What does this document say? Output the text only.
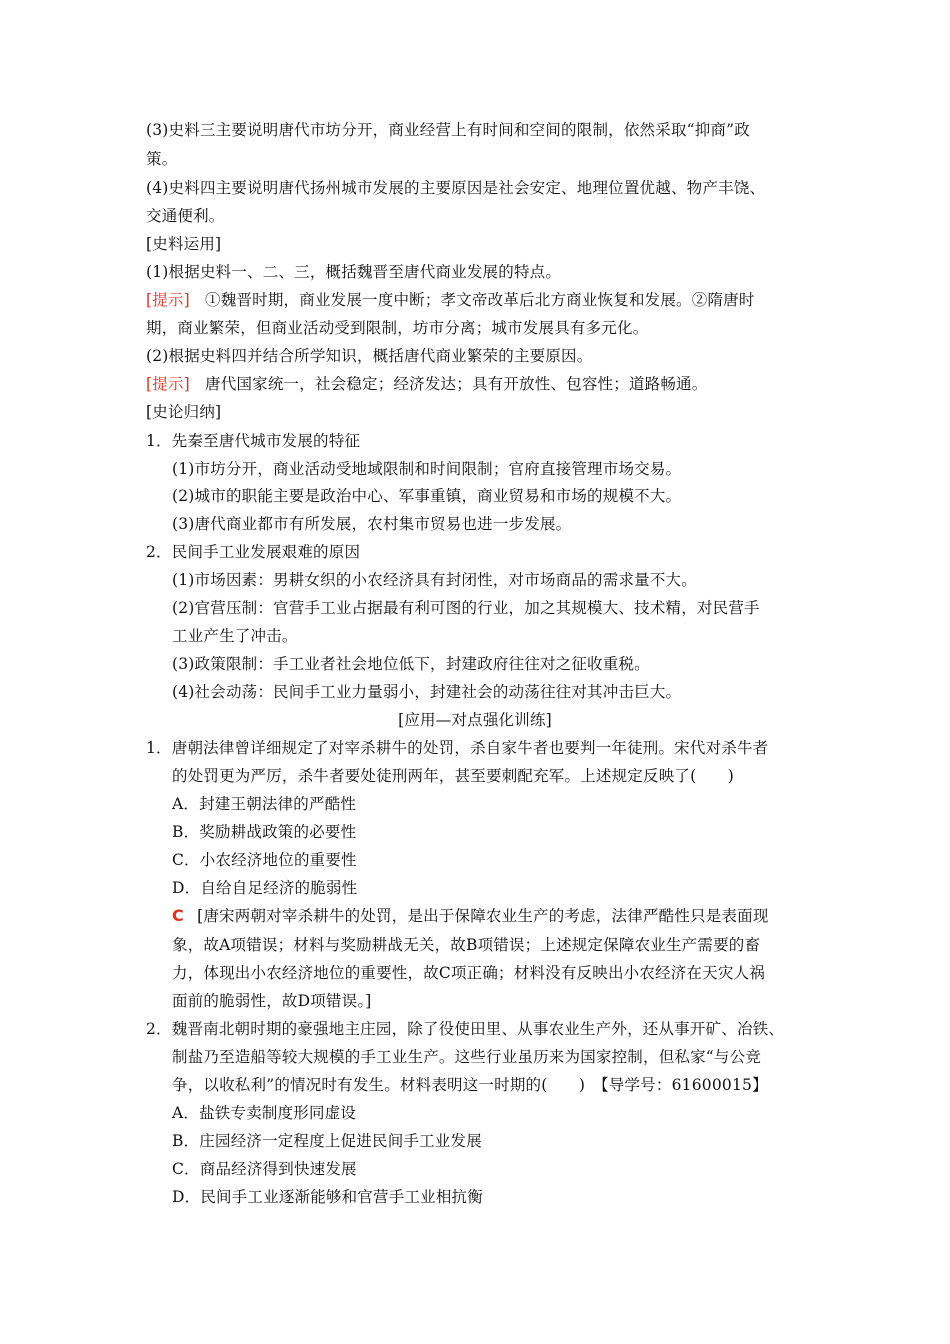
(3)史料三主要说明唐代市坊分开，商业经营上有时间和空间的限制，依然采取“抑商”政
策。
(4)史料四主要说明唐代扬州城市发展的主要原因是社会安定、地理位置优越、物产丰饶、
交通便利。
[史料运用]
(1)根据史料一、二、三，概括魏晋至唐代商业发展的特点。
[提示] ①魏晋时期，商业发展一度中断；孝文帝改革后北方商业恢复和发展。②隋唐时
期，商业繁荣，但商业活动受到限制，坊市分离；城市发展具有多元化。
(2)根据史料四并结合所学知识，概括唐代商业繁荣的主要原因。
[提示] 唐代国家统一，社会稳定；经济发达；具有开放性、包容性；道路畅通。
[史论归纳]
1．先秦至唐代城市发展的特征
(1)市坊分开，商业活动受地域限制和时间限制；官府直接管理市场交易。
(2)城市的职能主要是政治中心、军事重镇，商业贸易和市场的规模不大。
(3)唐代商业都市有所发展，农村集市贸易也进一步发展。
2．民间手工业发展艰难的原因
(1)市场因素：男耕女织的小农经济具有封闭性，对市场商品的需求量不大。
(2)官营压制：官营手工业占据最有利可图的行业，加之其规模大、技术精，对民营手
工业产生了冲击。
(3)政策限制：手工业者社会地位低下，封建政府往往对之征收重税。
(4)社会动荡：民间手工业力量弱小，封建社会的动荡往往对其冲击巨大。
[应用—对点强化训练]
1．唐朝法律曾详细规定了对宰杀耕牛的处罚，杀自家牛者也要判一年徒刑。宋代对杀牛者
的处罚更为严厉，杀牛者要处徒刑两年，甚至要刺配充军。上述规定反映了(　　)
A．封建王朝法律的严酷性
B．奖励耕战政策的必要性
C．小农经济地位的重要性
D．自给自足经济的脆弱性
C [唐宋两朝对宰杀耕牛的处罚，是出于保障农业生产的考虑，法律严酷性只是表面现
象，故A项错误；材料与奖励耕战无关，故B项错误；上述规定保障农业生产需要的畜
力，体现出小农经济地位的重要性，故C项正确；材料没有反映出小农经济在天灾人祸
面前的脆弱性，故D项错误。]
2．魏晋南北朝时期的豪强地主庄园，除了役使田里、从事农业生产外，还从事开矿、冶铁、
制盐乃至造船等较大规模的手工业生产。这些行业虽历来为国家控制，但私家“与公竞
争，以收私利”的情况时有发生。材料表明这一时期的(　　)　【导学号：61600015】
A．盐铁专卖制度形同虚设
B．庄园经济一定程度上促进民间手工业发展
C．商品经济得到快速发展
D．民间手工业逐渐能够和官营手工业相抗衡
